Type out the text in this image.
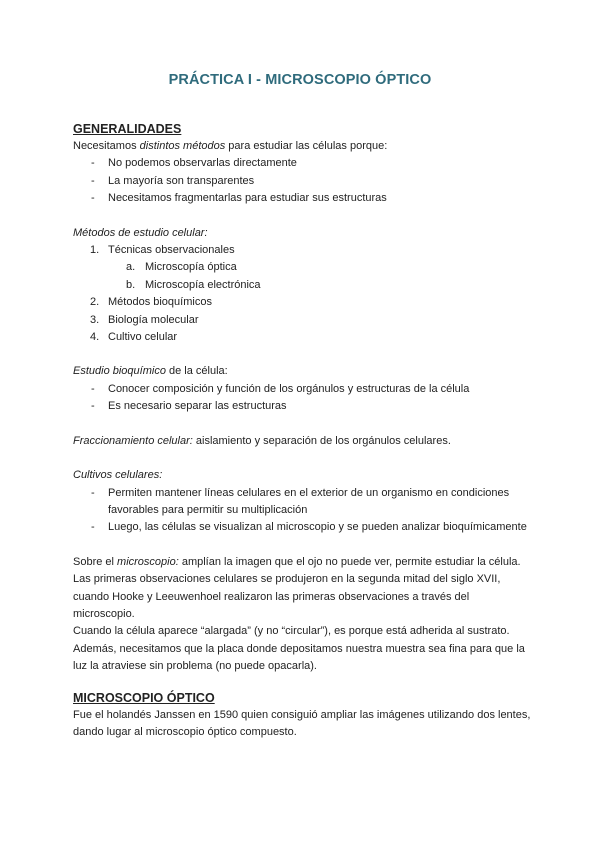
PRÁCTICA I - MICROSCOPIO ÓPTICO

GENERALIDADES

Necesitamos distintos métodos para estudiar las células porque:

- No podemos observarlas directamente
- La mayoría son transparentes
- Necesitamos fragmentarlas para estudiar sus estructuras

Métodos de estudio celular:

1. Técnicas observacionales
a. Microscopía óptica
b. Microscopía electrónica
2. Métodos bioquímicos
3. Biología molecular
4. Cultivo celular

Estudio bioquímico de la célula:

- Conocer composición y función de los orgánulos y estructuras de la célula
- Es necesario separar las estructuras

Fraccionamiento celular: aislamiento y separación de los orgánulos celulares.

Cultivos celulares:

- Permiten mantener líneas celulares en el exterior de un organismo en condiciones favorables para permitir su multiplicación
- Luego, las células se visualizan al microscopio y se pueden analizar bioquímicamente

Sobre el microscopio: amplían la imagen que el ojo no puede ver, permite estudiar la célula. Las primeras observaciones celulares se produjeron en la segunda mitad del siglo XVII, cuando Hooke y Leeuwenhoel realizaron las primeras observaciones a través del microscopio.

Cuando la célula aparece “alargada” (y no “circular”), es porque está adherida al sustrato.

Además, necesitamos que la placa donde depositamos nuestra muestra sea fina para que la luz la atraviese sin problema (no puede opacarla).

MICROSCOPIO ÓPTICO

Fue el holandés Janssen en 1590 quien consiguió ampliar las imágenes utilizando dos lentes, dando lugar al microscopio óptico compuesto.
